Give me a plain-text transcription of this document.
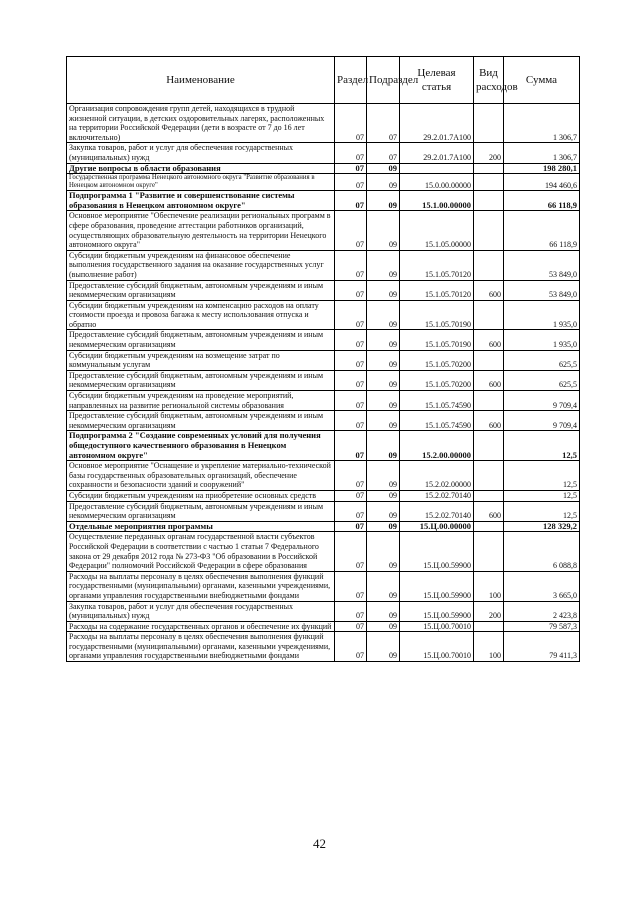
Наименование	Раздел	Подраздел	Целевая статья	Вид расходов	Сумма
Организация сопровождения групп детей, находящихся в трудной жизненной ситуации, в детских оздоровительных лагерях, расположенных на территории Российской Федерации (дети в возрасте от 7 до 16 лет включительно)	07	07	29.2.01.7А100		1 306,7
Закупка товаров, работ и услуг для обеспечения государственных (муниципальных) нужд	07	07	29.2.01.7А100	200	1 306,7
Другие вопросы в области образования	07	09			198 280,1
Государственная программа Ненецкого автономного округа "Развитие образования в Ненецком автономном округе"	07	09	15.0.00.00000		194 460,6
Подпрограмма 1 "Развитие и совершенствование системы образования в Ненецком автономном округе"	07	09	15.1.00.00000		66 118,9
Основное мероприятие "Обеспечение реализации региональных программ в сфере образования, проведение аттестации работников организаций, осуществляющих образовательную деятельность на территории Ненецкого автономного округа"	07	09	15.1.05.00000		66 118,9
Субсидии бюджетным учреждениям на финансовое обеспечение выполнения государственного задания на оказание государственных услуг (выполнение работ)	07	09	15.1.05.70120		53 849,0
Предоставление субсидий бюджетным, автономным учреждениям и иным некоммерческим организациям	07	09	15.1.05.70120	600	53 849,0
Субсидии бюджетным учреждениям на компенсацию расходов на оплату стоимости проезда и провоза багажа к месту использования отпуска и обратно	07	09	15.1.05.70190		1 935,0
Предоставление субсидий бюджетным, автономным учреждениям и иным некоммерческим организациям	07	09	15.1.05.70190	600	1 935,0
Субсидии бюджетным учреждениям на возмещение затрат по коммунальным услугам	07	09	15.1.05.70200		625,5
Предоставление субсидий бюджетным, автономным учреждениям и иным некоммерческим организациям	07	09	15.1.05.70200	600	625,5
Субсидии бюджетным учреждениям на проведение мероприятий, направленных на развитие региональной системы образования	07	09	15.1.05.74590		9 709,4
Предоставление субсидий бюджетным, автономным учреждениям и иным некоммерческим организациям	07	09	15.1.05.74590	600	9 709,4
Подпрограмма 2 "Создание современных условий для получения общедоступного качественного образования в Ненецком автономном округе"	07	09	15.2.00.00000		12,5
Основное мероприятие "Оснащение и укрепление материально-технической базы государственных образовательных организаций, обеспечение сохранности и безопасности зданий и сооружений"	07	09	15.2.02.00000		12,5
Субсидии бюджетным учреждениям на приобретение основных средств	07	09	15.2.02.70140		12,5
Предоставление субсидий бюджетным, автономным учреждениям и иным некоммерческим организациям	07	09	15.2.02.70140	600	12,5
Отдельные мероприятия программы	07	09	15.Ц.00.00000		128 329,2
Осуществление переданных органам государственной власти субъектов Российской Федерации в соответствии с частью 1 статьи 7 Федерального закона от 29 декабря 2012 года № 273-ФЗ "Об образовании в Российской Федерации" полномочий Российской Федерации в сфере образования	07	09	15.Ц.00.59900		6 088,8
Расходы на выплаты персоналу в целях обеспечения выполнения функций государственными (муниципальными) органами, казенными учреждениями, органами управления государственными внебюджетными фондами	07	09	15.Ц.00.59900	100	3 665,0
Закупка товаров, работ и услуг для обеспечения государственных (муниципальных) нужд	07	09	15.Ц.00.59900	200	2 423,8
Расходы на содержание государственных органов и обеспечение их функций	07	09	15.Ц.00.70010		79 587,3
Расходы на выплаты персоналу в целях обеспечения выполнения функций государственными (муниципальными) органами, казенными учреждениями, органами управления государственными внебюджетными фондами	07	09	15.Ц.00.70010	100	79 411,3
42
